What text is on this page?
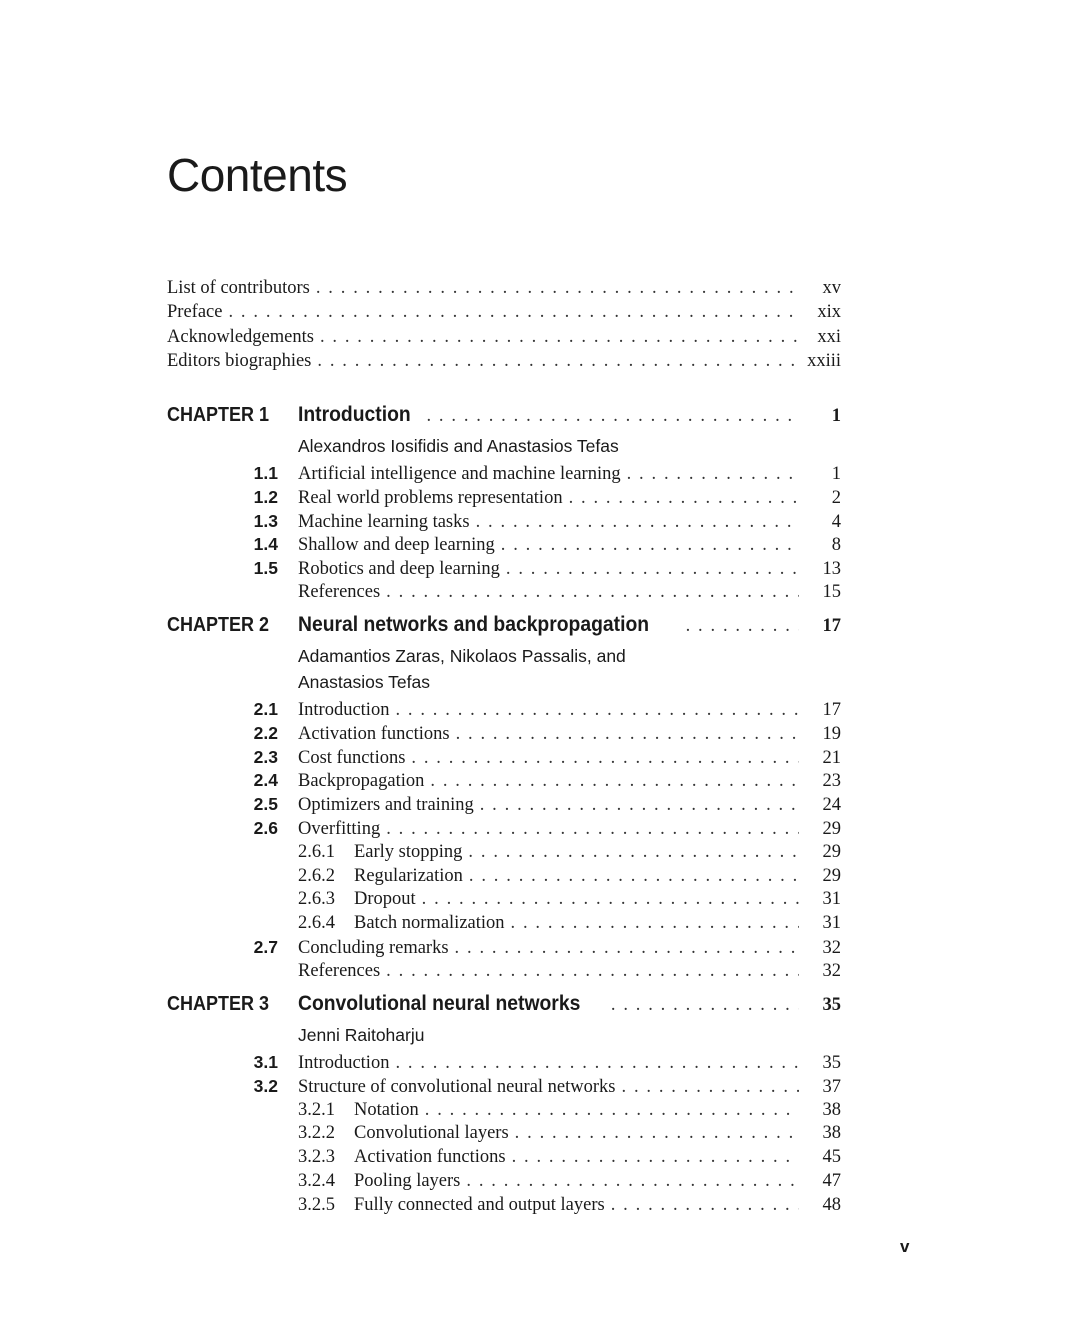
Contents
List of contributors . . .	xv
Preface . . .	xix
Acknowledgements . . .	xxi
Editors biographies . . .	xxiii
CHAPTER 1	Introduction . . .	1
Alexandros Iosifidis and Anastasios Tefas
1.1	Artificial intelligence and machine learning . . .	1
1.2	Real world problems representation . . .	2
1.3	Machine learning tasks . . .	4
1.4	Shallow and deep learning . . .	8
1.5	Robotics and deep learning . . .	13
References . . .	15
CHAPTER 2	Neural networks and backpropagation . . .	17
Adamantios Zaras, Nikolaos Passalis, and
Anastasios Tefas
2.1	Introduction . . .	17
2.2	Activation functions . . .	19
2.3	Cost functions . . .	21
2.4	Backpropagation . . .	23
2.5	Optimizers and training . . .	24
2.6	Overfitting . . .	29
2.6.1	Early stopping . . .	29
2.6.2	Regularization . . .	29
2.6.3	Dropout . . .	31
2.6.4	Batch normalization . . .	31
2.7	Concluding remarks . . .	32
References . . .	32
CHAPTER 3	Convolutional neural networks . . .	35
Jenni Raitoharju
3.1	Introduction . . .	35
3.2	Structure of convolutional neural networks . . .	37
3.2.1	Notation . . .	38
3.2.2	Convolutional layers . . .	38
3.2.3	Activation functions . . .	45
3.2.4	Pooling layers . . .	47
3.2.5	Fully connected and output layers . . .	48
v
